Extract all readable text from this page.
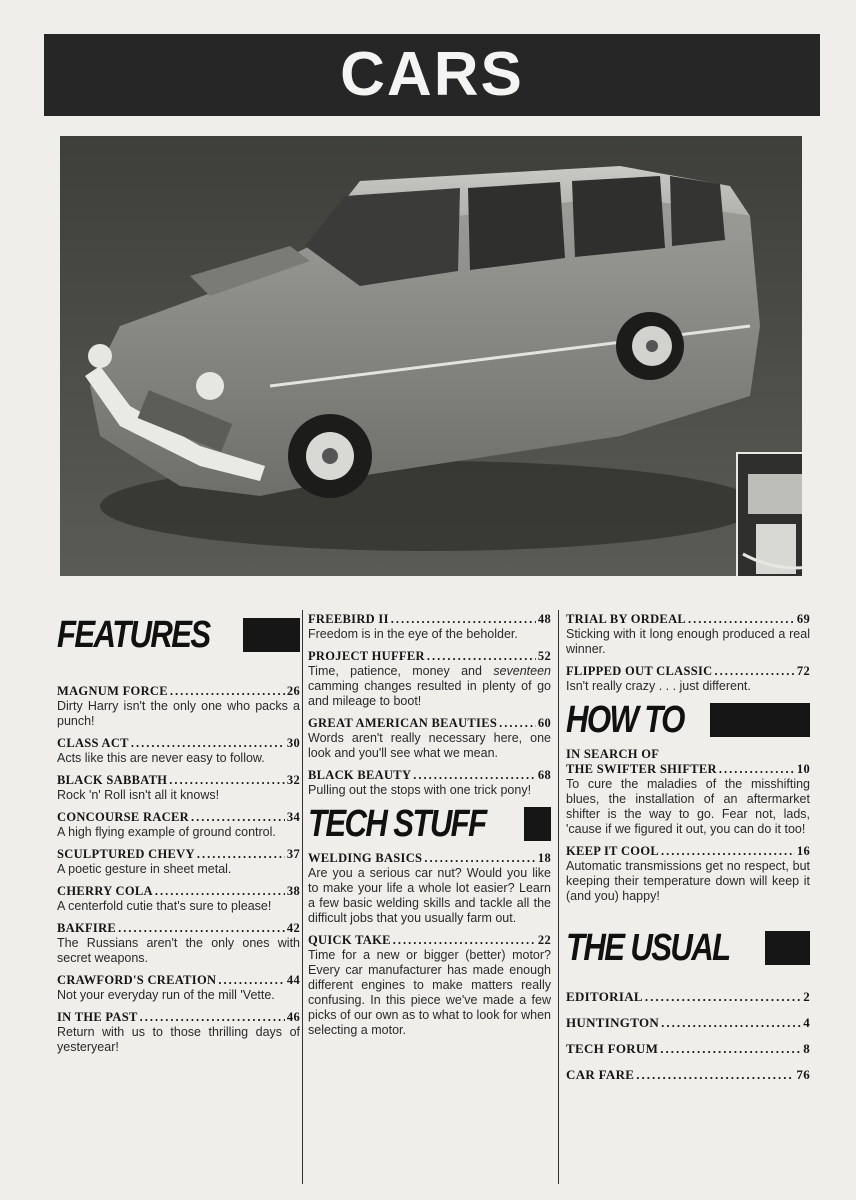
CARS
FEATURES
MAGNUM FORCE .....	26
Dirty Harry isn't the only one who packs a punch!
CLASS ACT .....	30
Acts like this are never easy to follow.
BLACK SABBATH .....	32
Rock 'n' Roll isn't all it knows!
CONCOURSE RACER .....	34
A high flying example of ground control.
SCULPTURED CHEVY .....	37
A poetic gesture in sheet metal.
CHERRY COLA .....	38
A centerfold cutie that's sure to please!
BAKFIRE .....	42
The Russians aren't the only ones with secret weapons.
CRAWFORD'S CREATION .....	44
Not your everyday run of the mill 'Vette.
IN THE PAST .....	46
Return with us to those thrilling days of yesteryear!
FREEBIRD II .....	48
Freedom is in the eye of the beholder.
PROJECT HUFFER .....	52
Time, patience, money and seventeen camming changes resulted in plenty of go and mileage to boot!
GREAT AMERICAN BEAUTIES .....	60
Words aren't really necessary here, one look and you'll see what we mean.
BLACK BEAUTY .....	68
Pulling out the stops with one trick pony!
TECH STUFF
WELDING BASICS .....	18
Are you a serious car nut? Would you like to make your life a whole lot easier? Learn a few basic welding skills and tackle all the difficult jobs that you usually farm out.
QUICK TAKE .....	22
Time for a new or bigger (better) motor? Every car manufacturer has made enough different engines to make matters really confusing. In this piece we've made a few picks of our own as to what to look for when selecting a motor.
TRIAL BY ORDEAL .....	69
Sticking with it long enough produced a real winner.
FLIPPED OUT CLASSIC .....	72
Isn't really crazy . . . just different.
HOW TO
IN SEARCH OF
THE SWIFTER SHIFTER .....	10
To cure the maladies of the misshifting blues, the installation of an aftermarket shifter is the way to go. Fear not, lads, 'cause if we figured it out, you can do it too!
KEEP IT COOL .....	16
Automatic transmissions get no respect, but keeping their temperature down will keep it (and you) happy!
THE USUAL
EDITORIAL .....	2
HUNTINGTON .....	4
TECH FORUM .....	8
CAR FARE .....	76
